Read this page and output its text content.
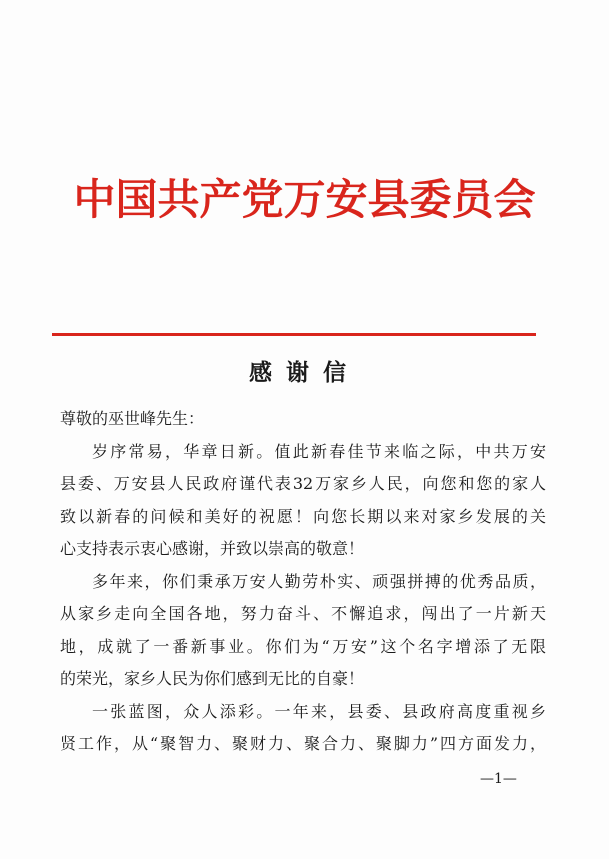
中国共产党万安县委员会
感谢信
尊敬的巫世峰先生：
岁序常易，华章日新。值此新春佳节来临之际，中共万安
县委、万安县人民政府谨代表32万家乡人民，向您和您的家人
致以新春的问候和美好的祝愿！向您长期以来对家乡发展的关
心支持表示衷心感谢，并致以崇高的敬意！
多年来，你们秉承万安人勤劳朴实、顽强拼搏的优秀品质，
从家乡走向全国各地，努力奋斗、不懈追求，闯出了一片新天
地，成就了一番新事业。你们为“万安”这个名字增添了无限
的荣光，家乡人民为你们感到无比的自豪！
一张蓝图，众人添彩。一年来，县委、县政府高度重视乡
贤工作，从“聚智力、聚财力、聚合力、聚脚力”四方面发力，
—1—
